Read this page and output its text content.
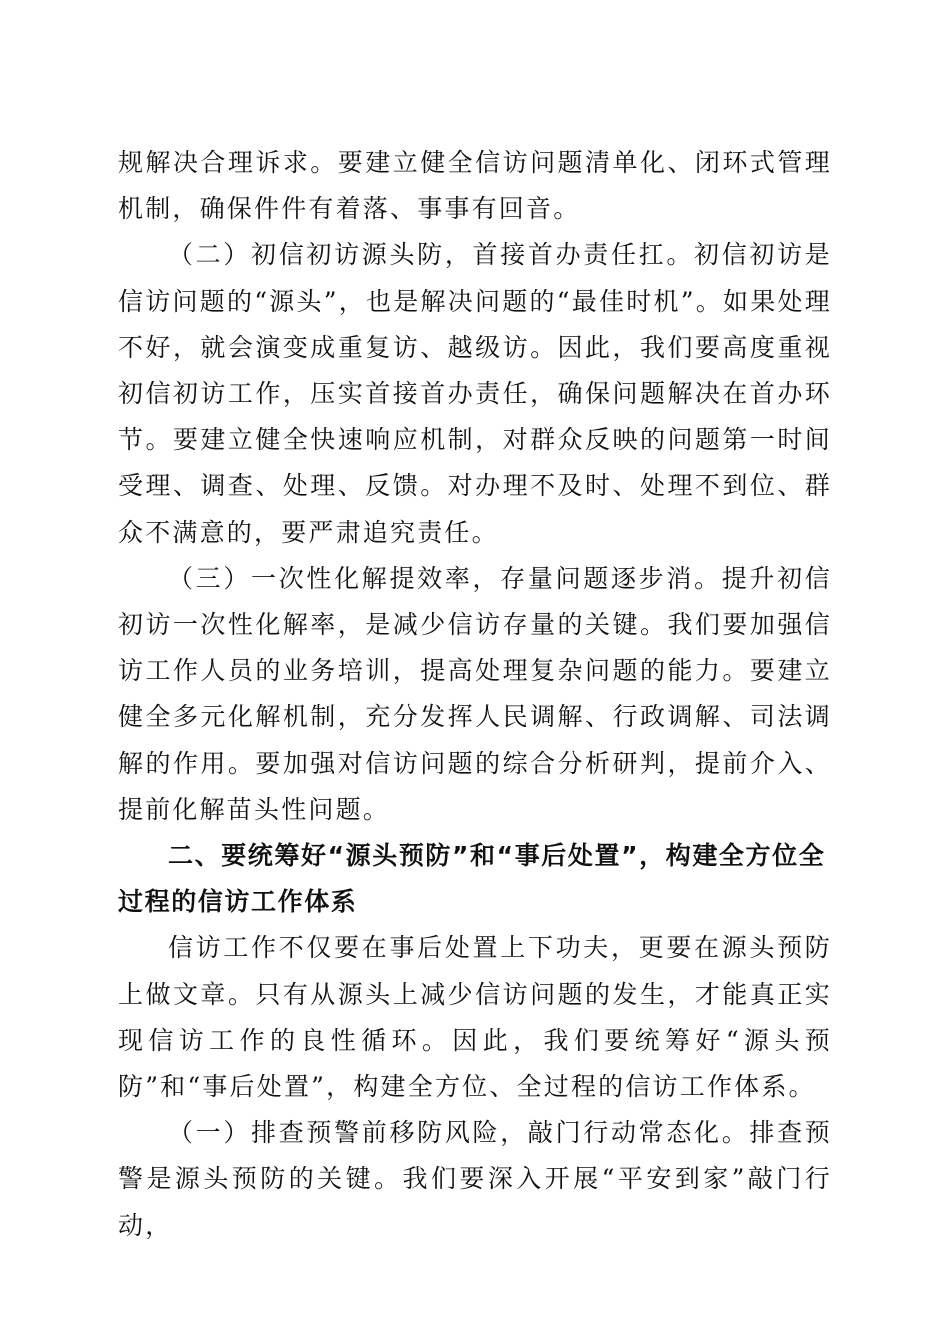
规解决合理诉求。要建立健全信访问题清单化、闭环式管理机制，确保件件有着落、事事有回音。

（二）初信初访源头防，首接首办责任扛。初信初访是信访问题的“源头”，也是解决问题的“最佳时机”。如果处理不好，就会演变成重复访、越级访。因此，我们要高度重视初信初访工作，压实首接首办责任，确保问题解决在首办环节。要建立健全快速响应机制，对群众反映的问题第一时间受理、调查、处理、反馈。对办理不及时、处理不到位、群众不满意的，要严肃追究责任。

（三）一次性化解提效率，存量问题逐步消。提升初信初访一次性化解率，是减少信访存量的关键。我们要加强信访工作人员的业务培训，提高处理复杂问题的能力。要建立健全多元化解机制，充分发挥人民调解、行政调解、司法调解的作用。要加强对信访问题的综合分析研判，提前介入、提前化解苗头性问题。

二、要统筹好“源头预防”和“事后处置”，构建全方位全过程的信访工作体系

信访工作不仅要在事后处置上下功夫，更要在源头预防上做文章。只有从源头上减少信访问题的发生，才能真正实现信访工作的良性循环。因此，我们要统筹好“源头预防”和“事后处置”，构建全方位、全过程的信访工作体系。

（一）排查预警前移防风险，敲门行动常态化。排查预警是源头预防的关键。我们要深入开展“平安到家”敲门行动，
